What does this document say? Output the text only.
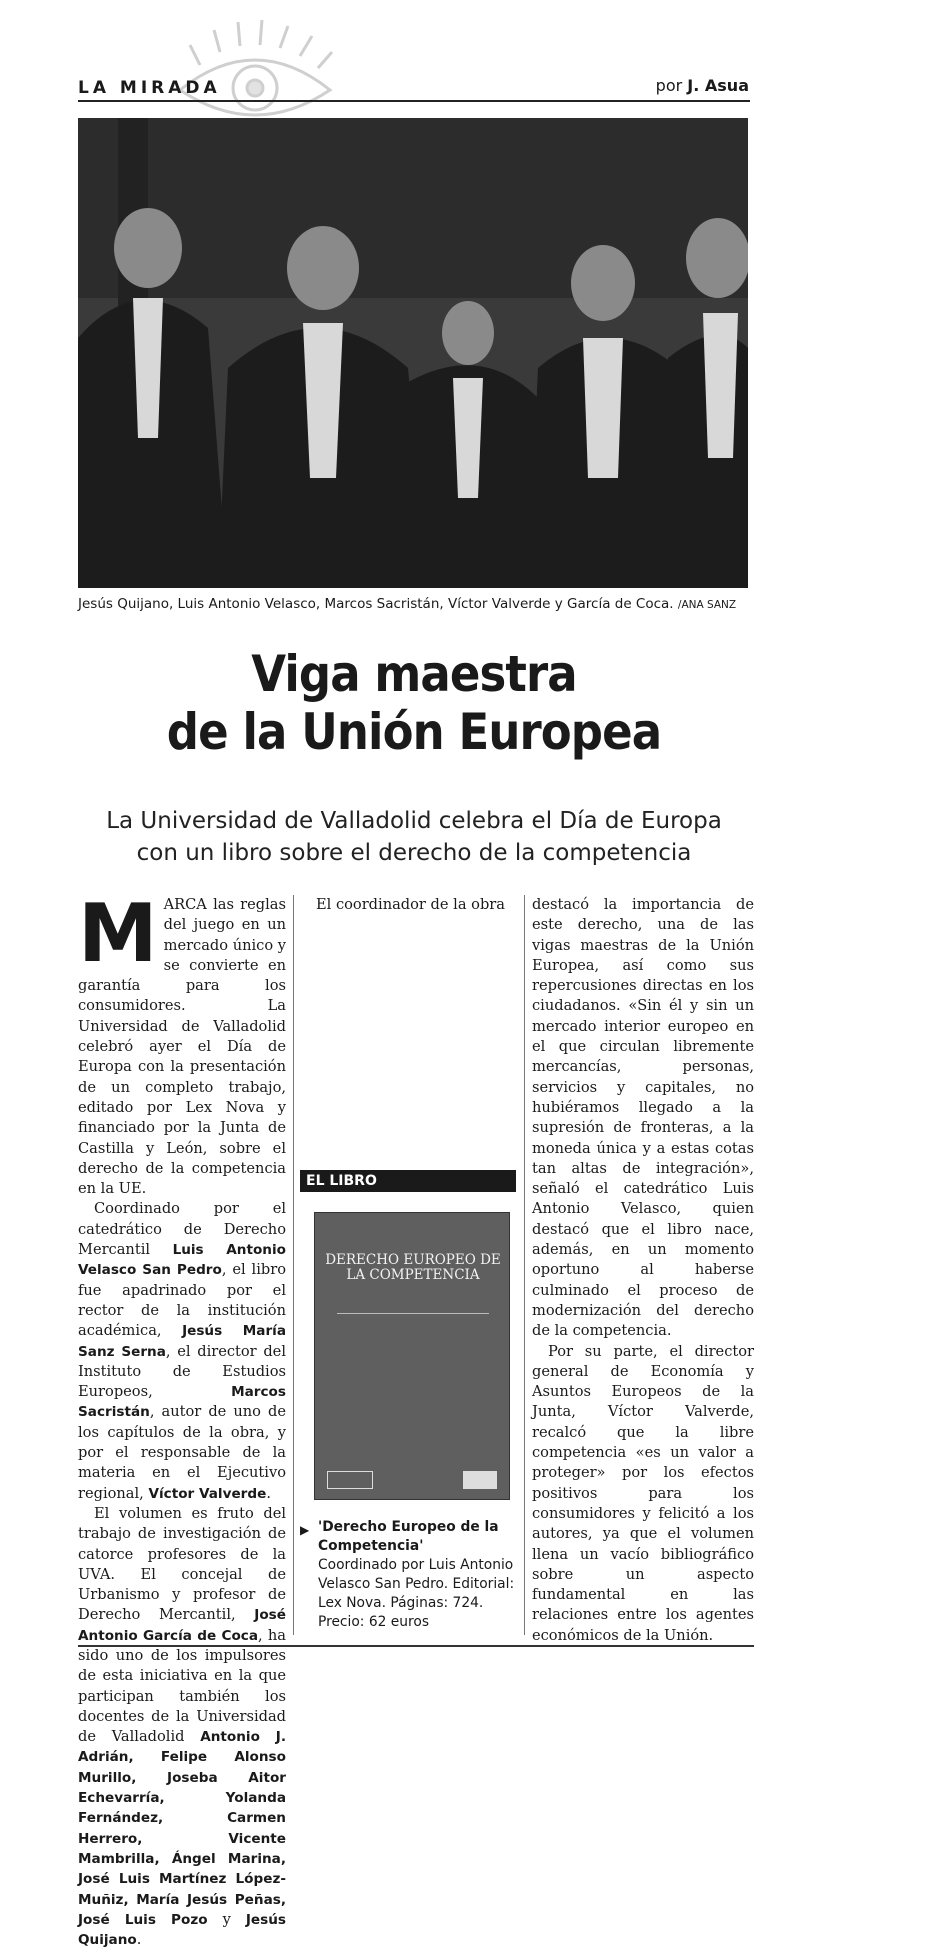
LA MIRADA	por J. Asua
Jesús Quijano, Luis Antonio Velasco, Marcos Sacristán, Víctor Valverde y García de Coca. /ANA SANZ
Viga maestra
de la Unión Europea
La Universidad de Valladolid celebra el Día de Europa
con un libro sobre el derecho de la competencia

MARCA las reglas del juego en un mercado único y se convierte en garantía para los consumidores. La Universidad de Valladolid celebró ayer el Día de Europa con la presentación de un completo trabajo, editado por Lex Nova y financiado por la Junta de Castilla y León, sobre el derecho de la competencia en la UE.

Coordinado por el catedrático de Derecho Mercantil Luis Antonio Velasco San Pedro, el libro fue apadrinado por el rector de la institución académica, Jesús María Sanz Serna, el director del Instituto de Estudios Europeos, Marcos Sacristán, autor de uno de los capítulos de la obra, y por el responsable de la materia en el Ejecutivo regional, Víctor Valverde.

El volumen es fruto del trabajo de investigación de catorce profesores de la UVA. El concejal de Urbanismo y profesor de Derecho Mercantil, José Antonio García de Coca, ha sido uno de los impulsores de esta iniciativa en la que participan también los docentes de la Universidad de Valladolid Antonio J. Adrián, Felipe Alonso Murillo, Joseba Aitor Echevarría, Yolanda Fernández, Carmen Herrero, Vicente Mambrilla, Ángel Marina, José Luis Martínez López-Muñiz, María Jesús Peñas, José Luis Pozo y Jesús Quijano.

El coordinador de la obra

EL LIBRO
DERECHO EUROPEO DE LA COMPETENCIA
▶ 'Derecho Europeo de la Competencia'
Coordinado por Luis Antonio Velasco San Pedro. Editorial: Lex Nova. Páginas: 724. Precio: 62 euros

destacó la importancia de este derecho, una de las vigas maestras de la Unión Europea, así como sus repercusiones directas en los ciudadanos. «Sin él y sin un mercado interior europeo en el que circulan libremente mercancías, personas, servicios y capitales, no hubiéramos llegado a la supresión de fronteras, a la moneda única y a estas cotas tan altas de integración», señaló el catedrático Luis Antonio Velasco, quien destacó que el libro nace, además, en un momento oportuno al haberse culminado el proceso de modernización del derecho de la competencia.

Por su parte, el director general de Economía y Asuntos Europeos de la Junta, Víctor Valverde, recalcó que la libre competencia «es un valor a proteger» por los efectos positivos para los consumidores y felicitó a los autores, ya que el volumen llena un vacío bibliográfico sobre un aspecto fundamental en las relaciones entre los agentes económicos de la Unión.
